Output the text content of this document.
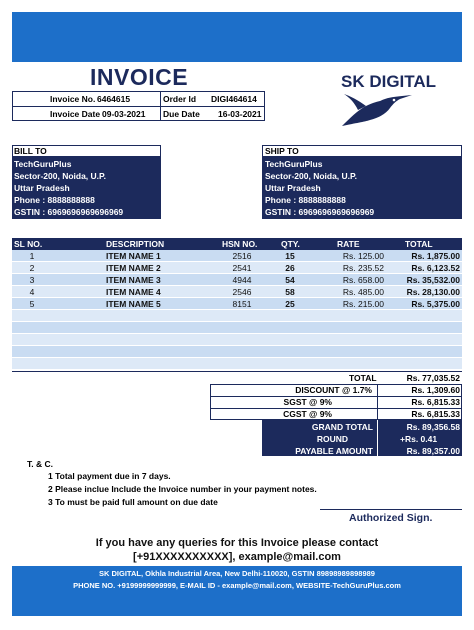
INVOICE	SK DIGITAL
Invoice No. 6464615	Order Id DIGI464614
Invoice Date 09-03-2021 Due Date 16-03-2021
BILL TO
TechGuruPlus
Sector-200, Noida, U.P.
Uttar Pradesh
Phone : 8888888888
GSTIN : 6969696969696969
SHIP TO
TechGuruPlus
Sector-200, Noida, U.P.
Uttar Pradesh
Phone : 8888888888
GSTIN : 6969696969696969
SL NO.	DESCRIPTION	HSN NO.	QTY.	RATE	TOTAL
1	ITEM NAME 1	2516	15	Rs. 125.00	Rs. 1,875.00
2	ITEM NAME 2	2541	26	Rs. 235.52	Rs. 6,123.52
3	ITEM NAME 3	4944	54	Rs. 658.00	Rs. 35,532.00
4	ITEM NAME 4	2546	58	Rs. 485.00	Rs. 28,130.00
5	ITEM NAME 5	8151	25	Rs. 215.00	Rs. 5,375.00
TOTAL	Rs. 77,035.52
DISCOUNT @ 1.7%	Rs. 1,309.60
SGST @ 9%	Rs. 6,815.33
CGST @ 9%	Rs. 6,815.33
GRAND TOTAL	Rs. 89,356.58
ROUND	+Rs. 0.41
PAYABLE AMOUNT	Rs. 89,357.00
T. & C.
1 Total payment due in 7 days.
2 Please inclue Include the Invoice number in your payment notes.
3 To must be paid full amount on due date
Authorized Sign.
If you have any queries for this Invoice please contact
[+91XXXXXXXXXX], example@mail.com
SK DIGITAL, Okhla Industrial Area, New Delhi-110020, GSTIN 89898989898989
PHONE NO. +9199999999999, E-MAIL ID - example@mail.com, WEBSITE-TechGuruPlus.com
